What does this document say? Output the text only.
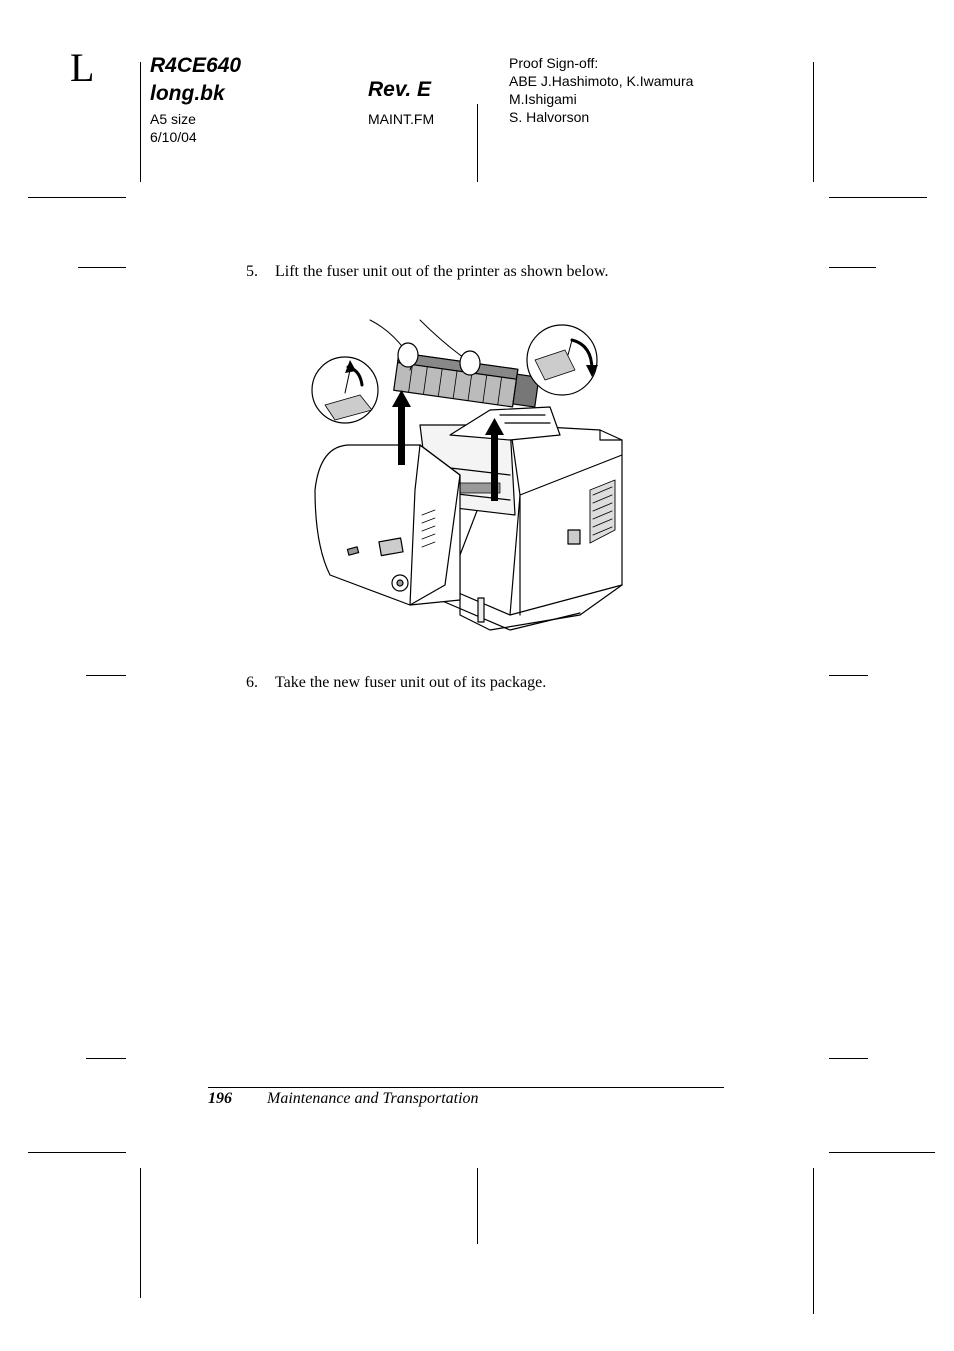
L	R4CE640
long.bk
A5 size
6/10/04
Rev. E
MAINT.FM
Proof Sign-off:
ABE J.Hashimoto, K.Iwamura
M.Ishigami
S. Halvorson
5. Lift the fuser unit out of the printer as shown below.
6. Take the new fuser unit out of its package.
196 Maintenance and Transportation
